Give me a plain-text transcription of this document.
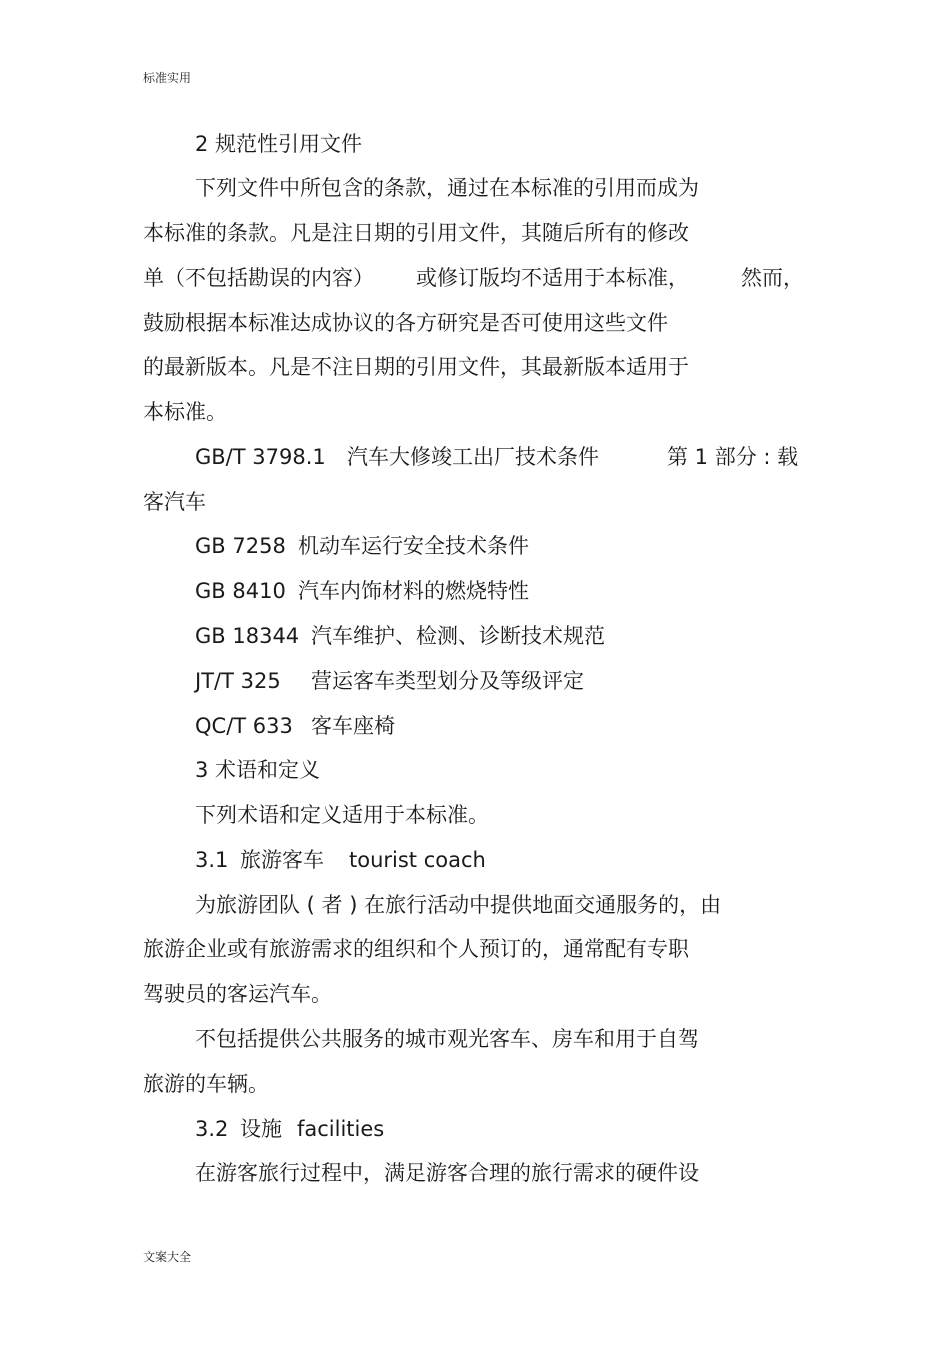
标准实用
2 规范性引用文件
下列文件中所包含的条款，通过在本标准的引用而成为
本标准的条款。凡是注日期的引用文件，其随后所有的修改
单（不包括勘误的内容） 或修订版均不适用于本标准， 然而，
鼓励根据本标准达成协议的各方研究是否可使用这些文件
的最新版本。凡是不注日期的引用文件，其最新版本适用于
本标准。
GB/T 3798.1 汽车大修竣工出厂技术条件	第 1 部分 : 载
客汽车
GB 7258 机动车运行安全技术条件
GB 8410 汽车内饰材料的燃烧特性
GB 18344 汽车维护、检测、诊断技术规范
JT/T 325 营运客车类型划分及等级评定
QC/T 633 客车座椅
3 术语和定义
下列术语和定义适用于本标准。
3.1 旅游客车 tourist coach
为旅游团队 ( 者 ) 在旅行活动中提供地面交通服务的，由
旅游企业或有旅游需求的组织和个人预订的，通常配有专职
驾驶员的客运汽车。
不包括提供公共服务的城市观光客车、房车和用于自驾
旅游的车辆。
3.2 设施 facilities
在游客旅行过程中，满足游客合理的旅行需求的硬件设
文案大全
